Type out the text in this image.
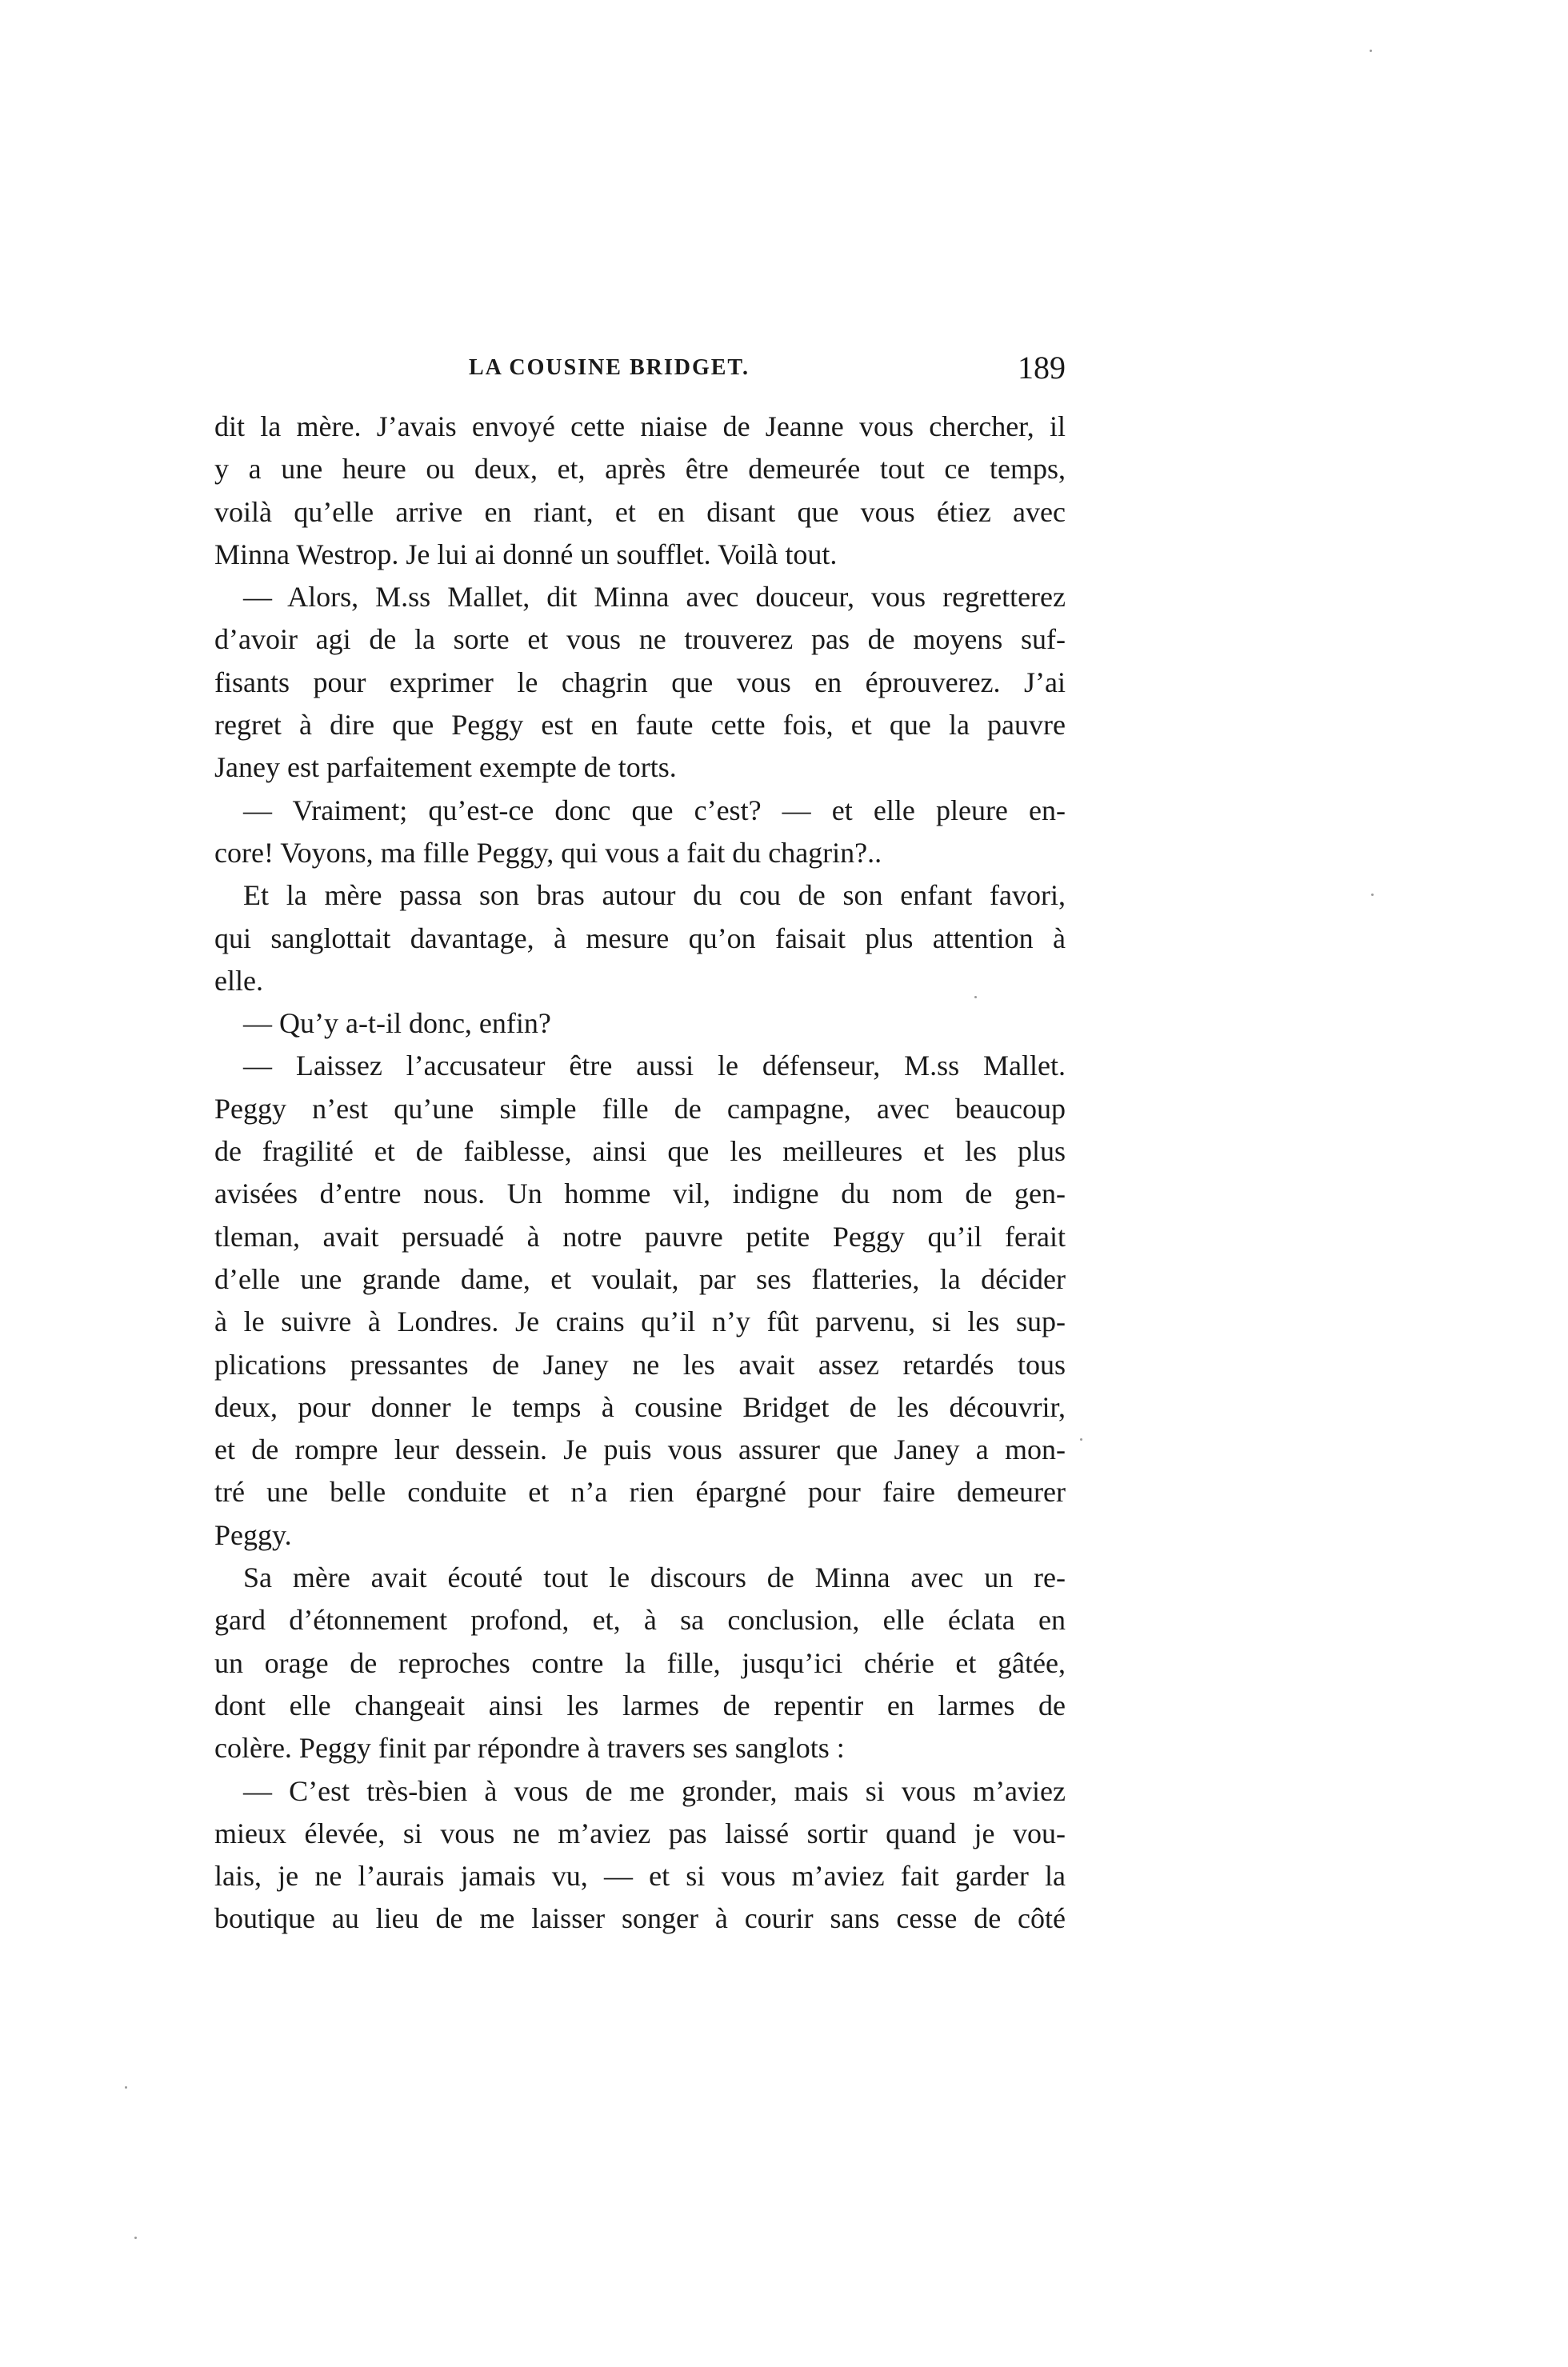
LA COUSINE BRIDGET.	189
dit la mère. J’avais envoyé cette niaise de Jeanne vous chercher, il
y a une heure ou deux, et, après être demeurée tout ce temps,
voilà qu’elle arrive en riant, et en disant que vous étiez avec
Minna Westrop. Je lui ai donné un soufflet. Voilà tout.
— Alors, M.ss Mallet, dit Minna avec douceur, vous regretterez
d’avoir agi de la sorte et vous ne trouverez pas de moyens suf-
fisants pour exprimer le chagrin que vous en éprouverez. J’ai
regret à dire que Peggy est en faute cette fois, et que la pauvre
Janey est parfaitement exempte de torts.
— Vraiment; qu’est-ce donc que c’est? — et elle pleure en-
core! Voyons, ma fille Peggy, qui vous a fait du chagrin?..
Et la mère passa son bras autour du cou de son enfant favori,
qui sanglottait davantage, à mesure qu’on faisait plus attention à
elle.
— Qu’y a-t-il donc, enfin?
— Laissez l’accusateur être aussi le défenseur, M.ss Mallet.
Peggy n’est qu’une simple fille de campagne, avec beaucoup
de fragilité et de faiblesse, ainsi que les meilleures et les plus
avisées d’entre nous. Un homme vil, indigne du nom de gen-
tleman, avait persuadé à notre pauvre petite Peggy qu’il ferait
d’elle une grande dame, et voulait, par ses flatteries, la décider
à le suivre à Londres. Je crains qu’il n’y fût parvenu, si les sup-
plications pressantes de Janey ne les avait assez retardés tous
deux, pour donner le temps à cousine Bridget de les découvrir,
et de rompre leur dessein. Je puis vous assurer que Janey a mon-
tré une belle conduite et n’a rien épargné pour faire demeurer
Peggy.
Sa mère avait écouté tout le discours de Minna avec un re-
gard d’étonnement profond, et, à sa conclusion, elle éclata en
un orage de reproches contre la fille, jusqu’ici chérie et gâtée,
dont elle changeait ainsi les larmes de repentir en larmes de
colère. Peggy finit par répondre à travers ses sanglots :
— C’est très-bien à vous de me gronder, mais si vous m’aviez
mieux élevée, si vous ne m’aviez pas laissé sortir quand je vou-
lais, je ne l’aurais jamais vu, — et si vous m’aviez fait garder la
boutique au lieu de me laisser songer à courir sans cesse de côté
